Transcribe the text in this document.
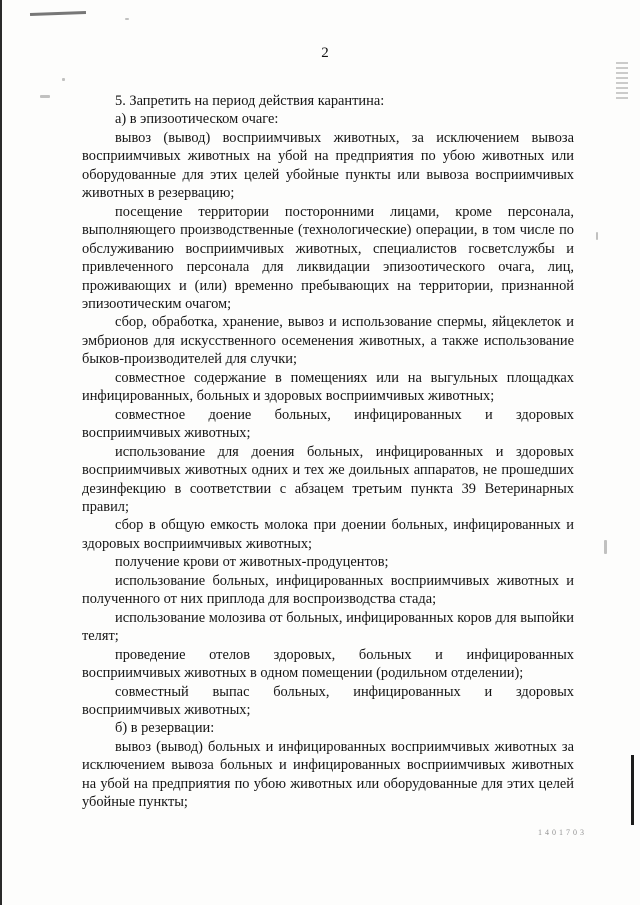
2

5. Запретить на период действия карантина:

а) в эпизоотическом очаге:

вывоз (вывод) восприимчивых животных, за исключением вывоза восприимчивых животных на убой на предприятия по убою животных или оборудованные для этих целей убойные пункты или вывоза восприимчивых животных в резервацию;

посещение территории посторонними лицами, кроме персонала, выполняющего производственные (технологические) операции, в том числе по обслуживанию восприимчивых животных, специалистов госветслужбы и привлеченного персонала для ликвидации эпизоотического очага, лиц, проживающих и (или) временно пребывающих на территории, признанной эпизоотическим очагом;

сбор, обработка, хранение, вывоз и использование спермы, яйцеклеток и эмбрионов для искусственного осеменения животных, а также использование быков-производителей для случки;

совместное содержание в помещениях или на выгульных площадках инфицированных, больных и здоровых восприимчивых животных;

совместное доение больных, инфицированных и здоровых восприимчивых животных;

использование для доения больных, инфицированных и здоровых восприимчивых животных одних и тех же доильных аппаратов, не прошедших дезинфекцию в соответствии с абзацем третьим пункта 39 Ветеринарных правил;

сбор в общую емкость молока при доении больных, инфицированных и здоровых восприимчивых животных;

получение крови от животных-продуцентов;

использование больных, инфицированных восприимчивых животных и полученного от них приплода для воспроизводства стада;

использование молозива от больных, инфицированных коров для выпойки телят;

проведение отелов здоровых, больных и инфицированных восприимчивых животных в одном помещении (родильном отделении);

совместный выпас больных, инфицированных и здоровых восприимчивых животных;

б) в резервации:

вывоз (вывод) больных и инфицированных восприимчивых животных за исключением вывоза больных и инфицированных восприимчивых животных на убой на предприятия по убою животных или оборудованные для этих целей убойные пункты;

1 4 0 1 7 0 3
